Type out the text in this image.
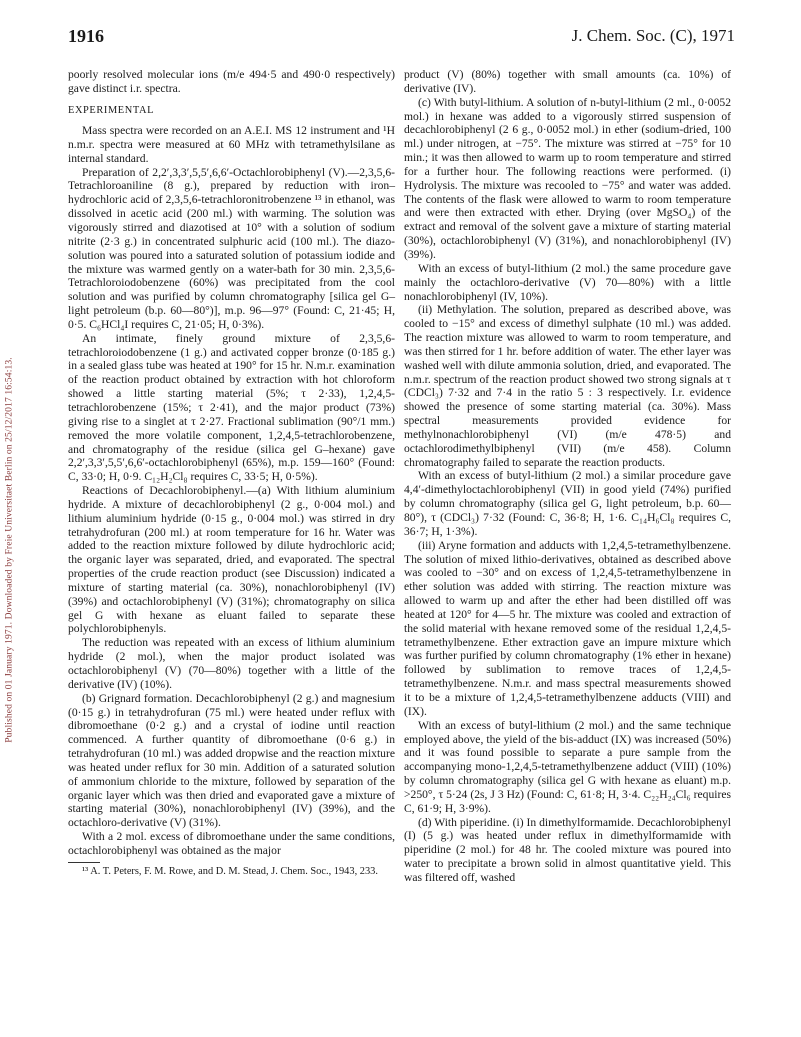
Published on 01 January 1971. Downloaded by Freie Universitaet Berlin on 25/12/2017 16:54:13.
1916	J. Chem. Soc. (C), 1971

poorly resolved molecular ions (m/e 494·5 and 490·0 respectively) gave distinct i.r. spectra.

EXPERIMENTAL

Mass spectra were recorded on an A.E.I. MS 12 instrument and ¹H n.m.r. spectra were measured at 60 MHz with tetramethylsilane as internal standard.

Preparation of 2,2′,3,3′,5,5′,6,6′-Octachlorobiphenyl (V).—2,3,5,6-Tetrachloroaniline (8 g.), prepared by reduction with iron–hydrochloric acid of 2,3,5,6-tetrachloronitrobenzene ¹³ in ethanol, was dissolved in acetic acid (200 ml.) with warming. The solution was vigorously stirred and diazotised at 10° with a solution of sodium nitrite (2·3 g.) in concentrated sulphuric acid (100 ml.). The diazo-solution was poured into a saturated solution of potassium iodide and the mixture was warmed gently on a water-bath for 30 min. 2,3,5,6-Tetrachloroiodobenzene (60%) was precipitated from the cool solution and was purified by column chromatography [silica gel G–light petroleum (b.p. 60—80°)], m.p. 96—97° (Found: C, 21·45; H, 0·5. C₆HCl₄I requires C, 21·05; H, 0·3%).

An intimate, finely ground mixture of 2,3,5,6-tetrachloroiodobenzene (1 g.) and activated copper bronze (0·185 g.) in a sealed glass tube was heated at 190° for 15 hr. N.m.r. examination of the reaction product obtained by extraction with hot chloroform showed a little starting material (5%; τ 2·33), 1,2,4,5-tetrachlorobenzene (15%; τ 2·41), and the major product (73%) giving rise to a singlet at τ 2·27. Fractional sublimation (90°/1 mm.) removed the more volatile component, 1,2,4,5-tetrachlorobenzene, and chromatography of the residue (silica gel G–hexane) gave 2,2′,3,3′,5,5′,6,6′-octachlorobiphenyl (65%), m.p. 159—160° (Found: C, 33·0; H, 0·9. C₁₂H₂Cl₈ requires C, 33·5; H, 0·5%).

Reactions of Decachlorobiphenyl.—(a) With lithium aluminium hydride. A mixture of decachlorobiphenyl (2 g., 0·004 mol.) and lithium aluminium hydride (0·15 g., 0·004 mol.) was stirred in dry tetrahydrofuran (200 ml.) at room temperature for 16 hr. Water was added to the reaction mixture followed by dilute hydrochloric acid; the organic layer was separated, dried, and evaporated. The spectral properties of the crude reaction product (see Discussion) indicated a mixture of starting material (ca. 30%), nonachlorobiphenyl (IV) (39%) and octachlorobiphenyl (V) (31%); chromatography on silica gel G with hexane as eluant failed to separate these polychlorobiphenyls.

The reduction was repeated with an excess of lithium aluminium hydride (2 mol.), when the major product isolated was octachlorobiphenyl (V) (70—80%) together with a little of the derivative (IV) (10%).

(b) Grignard formation. Decachlorobiphenyl (2 g.) and magnesium (0·15 g.) in tetrahydrofuran (75 ml.) were heated under reflux with dibromoethane (0·2 g.) and a crystal of iodine until reaction commenced. A further quantity of dibromoethane (0·6 g.) in tetrahydrofuran (10 ml.) was added dropwise and the reaction mixture was heated under reflux for 30 min. Addition of a saturated solution of ammonium chloride to the mixture, followed by separation of the organic layer which was then dried and evaporated gave a mixture of starting material (30%), nonachlorobiphenyl (IV) (39%), and the octachloro-derivative (V) (31%).

With a 2 mol. excess of dibromoethane under the same conditions, octachlorobiphenyl was obtained as the major

¹³ A. T. Peters, F. M. Rowe, and D. M. Stead, J. Chem. Soc., 1943, 233.

product (V) (80%) together with small amounts (ca. 10%) of derivative (IV).

(c) With butyl-lithium. A solution of n-butyl-lithium (2 ml., 0·0052 mol.) in hexane was added to a vigorously stirred suspension of decachlorobiphenyl (2 6 g., 0·0052 mol.) in ether (sodium-dried, 100 ml.) under nitrogen, at −75°. The mixture was stirred at −75° for 10 min.; it was then allowed to warm up to room temperature and stirred for a further hour. The following reactions were performed. (i) Hydrolysis. The mixture was recooled to −75° and water was added. The contents of the flask were allowed to warm to room temperature and were then extracted with ether. Drying (over MgSO₄) of the extract and removal of the solvent gave a mixture of starting material (30%), octachlorobiphenyl (V) (31%), and nonachlorobiphenyl (IV) (39%).

With an excess of butyl-lithium (2 mol.) the same procedure gave mainly the octachloro-derivative (V) 70—80%) with a little nonachlorobiphenyl (IV, 10%).

(ii) Methylation. The solution, prepared as described above, was cooled to −15° and excess of dimethyl sulphate (10 ml.) was added. The reaction mixture was allowed to warm to room temperature, and was then stirred for 1 hr. before addition of water. The ether layer was washed well with dilute ammonia solution, dried, and evaporated. The n.m.r. spectrum of the reaction product showed two strong signals at τ (CDCl₃) 7·32 and 7·4 in the ratio 5 : 3 respectively. I.r. evidence showed the presence of some starting material (ca. 30%). Mass spectral measurements provided evidence for methylnonachlorobiphenyl (VI) (m/e 478·5) and octachlorodimethylbiphenyl (VII) (m/e 458). Column chromatography failed to separate the reaction products.

With an excess of butyl-lithium (2 mol.) a similar procedure gave 4,4′-dimethyloctachlorobiphenyl (VII) in good yield (74%) purified by column chromatography (silica gel G, light petroleum, b.p. 60—80°), τ (CDCl₃) 7·32 (Found: C, 36·8; H, 1·6. C₁₄H₆Cl₈ requires C, 36·7; H, 1·3%).

(iii) Aryne formation and adducts with 1,2,4,5-tetramethylbenzene. The solution of mixed lithio-derivatives, obtained as described above was cooled to −30° and on excess of 1,2,4,5-tetramethylbenzene in ether solution was added with stirring. The reaction mixture was allowed to warm up and after the ether had been distilled off was heated at 120° for 4—5 hr. The mixture was cooled and extraction of the solid material with hexane removed some of the residual 1,2,4,5-tetramethylbenzene. Ether extraction gave an impure mixture which was further purified by column chromatography (1% ether in hexane) followed by sublimation to remove traces of 1,2,4,5-tetramethylbenzene. N.m.r. and mass spectral measurements showed it to be a mixture of 1,2,4,5-tetramethylbenzene adducts (VIII) and (IX).

With an excess of butyl-lithium (2 mol.) and the same technique employed above, the yield of the bis-adduct (IX) was increased (50%) and it was found possible to separate a pure sample from the accompanying mono-1,2,4,5-tetramethylbenzene adduct (VIII) (10%) by column chromatography (silica gel G with hexane as eluant) m.p. >250°, τ 5·24 (2s, J 3 Hz) (Found: C, 61·8; H, 3·4. C₂₂H₂₄Cl₆ requires C, 61·9; H, 3·9%).

(d) With piperidine. (i) In dimethylformamide. Decachlorobiphenyl (I) (5 g.) was heated under reflux in dimethylformamide with piperidine (2 mol.) for 48 hr. The cooled mixture was poured into water to precipitate a brown solid in almost quantitative yield. This was filtered off, washed
